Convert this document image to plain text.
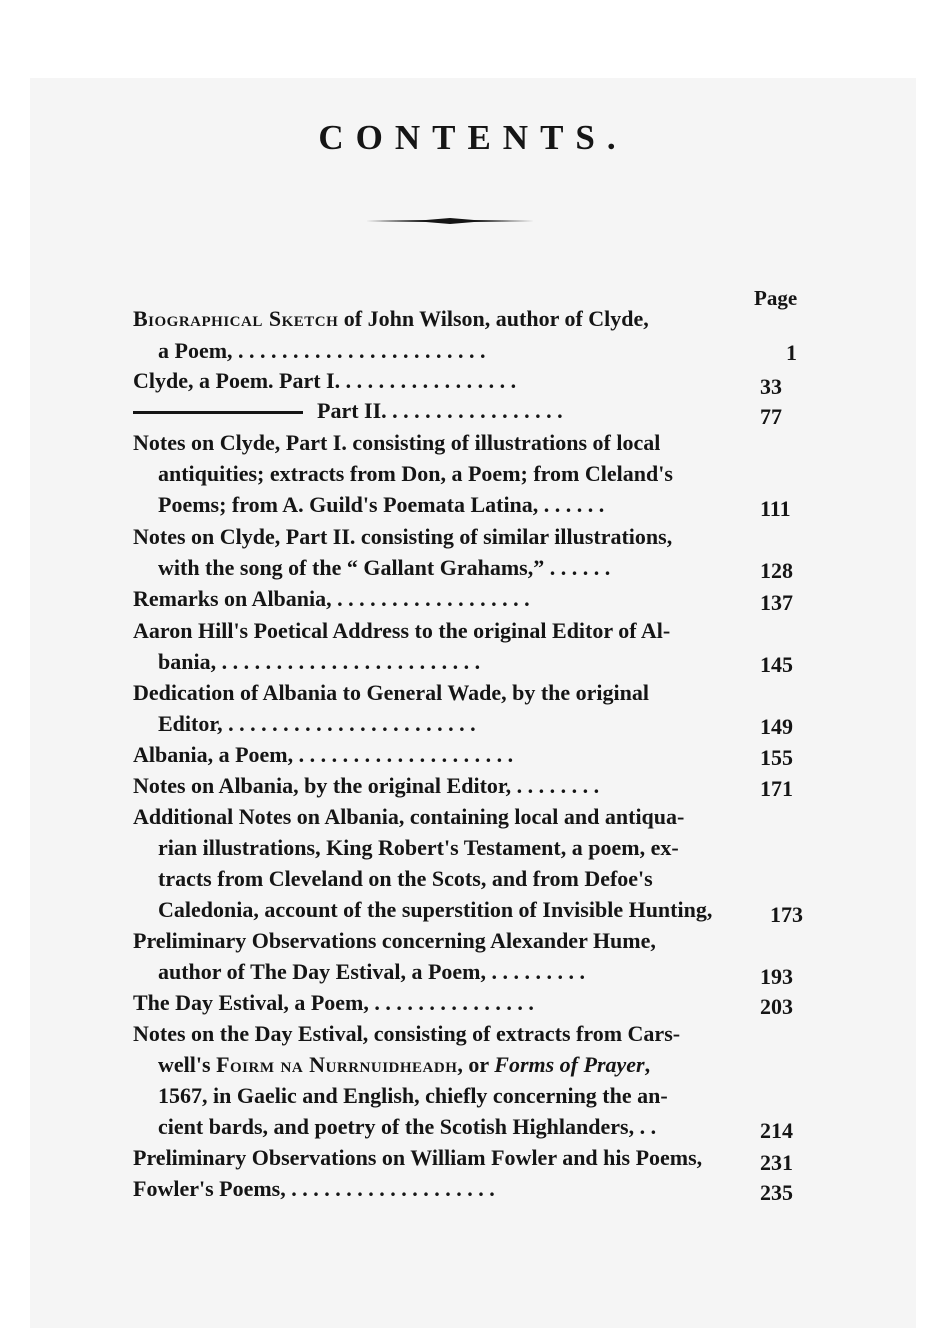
CONTENTS.
Page
Biographical Sketch of John Wilson, author of Clyde,
a Poem, . . . . . . . . . . . . . . . . . . . . . . .	1
Clyde, a Poem. Part I. . . . . . . . . . . . . . . . .	33
Part II. . . . . . . . . . . . . . . . .	77
Notes on Clyde, Part I. consisting of illustrations of local
antiquities; extracts from Don, a Poem; from Cleland's
Poems; from A. Guild's Poemata Latina, . . . . . .	111
Notes on Clyde, Part II. consisting of similar illustrations,
with the song of the “ Gallant Grahams,” . . . . . .	128
Remarks on Albania, . . . . . . . . . . . . . . . . . .	137
Aaron Hill's Poetical Address to the original Editor of Al-
bania, . . . . . . . . . . . . . . . . . . . . . . . .	145
Dedication of Albania to General Wade, by the original
Editor, . . . . . . . . . . . . . . . . . . . . . . .	149
Albania, a Poem, . . . . . . . . . . . . . . . . . . . .	155
Notes on Albania, by the original Editor, . . . . . . . .	171
Additional Notes on Albania, containing local and antiqua-
rian illustrations, King Robert's Testament, a poem, ex-
tracts from Cleveland on the Scots, and from Defoe's
Caledonia, account of the superstition of Invisible Hunting,	173
Preliminary Observations concerning Alexander Hume,
author of The Day Estival, a Poem, . . . . . . . . .	193
The Day Estival, a Poem, . . . . . . . . . . . . . . .	203
Notes on the Day Estival, consisting of extracts from Cars-
well's Foirm na Nurrnuidheadh, or Forms of Prayer,
1567, in Gaelic and English, chiefly concerning the an-
cient bards, and poetry of the Scotish Highlanders, . .	214
Preliminary Observations on William Fowler and his Poems,	231
Fowler's Poems, . . . . . . . . . . . . . . . . . . .	235
